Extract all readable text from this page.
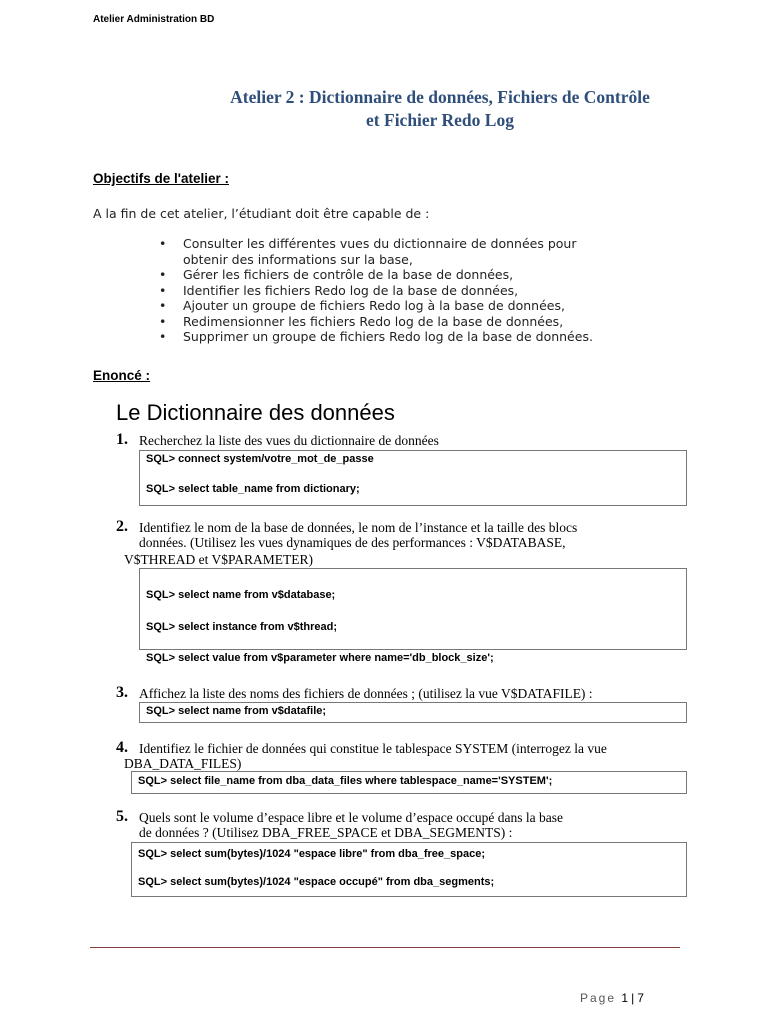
Atelier Administration BD
Atelier 2 : Dictionnaire de données, Fichiers de Contrôle
et Fichier Redo Log
Objectifs de l'atelier :
A la fin de cet atelier, l’étudiant doit être capable de :
• Consulter les différentes vues du dictionnaire de données pour
obtenir des informations sur la base,
• Gérer les fichiers de contrôle de la base de données,
• Identifier les fichiers Redo log de la base de données,
• Ajouter un groupe de fichiers Redo log à la base de données,
• Redimensionner les fichiers Redo log de la base de données,
• Supprimer un groupe de fichiers Redo log de la base de données.
Enoncé :
Le Dictionnaire des données
1. Recherchez la liste des vues du dictionnaire de données
SQL> connect system/votre_mot_de_passe
SQL> select table_name from dictionary;
2. Identifiez le nom de la base de données, le nom de l’instance et la taille des blocs
données. (Utilisez les vues dynamiques de des performances : V$DATABASE,
V$THREAD et V$PARAMETER)
SQL> select name from v$database;
SQL> select instance from v$thread;
SQL> select value from v$parameter where name='db_block_size';
3. Affichez la liste des noms des fichiers de données ; (utilisez la vue V$DATAFILE) :
SQL> select name from v$datafile;
4. Identifiez le fichier de données qui constitue le tablespace SYSTEM (interrogez la vue
DBA_DATA_FILES)
SQL> select file_name from dba_data_files where tablespace_name='SYSTEM';
5. Quels sont le volume d’espace libre et le volume d’espace occupé dans la base
de données ? (Utilisez DBA_FREE_SPACE et DBA_SEGMENTS) :
SQL> select sum(bytes)/1024 "espace libre" from dba_free_space;
SQL> select sum(bytes)/1024 "espace occupé" from dba_segments;
Page 1 | 7
